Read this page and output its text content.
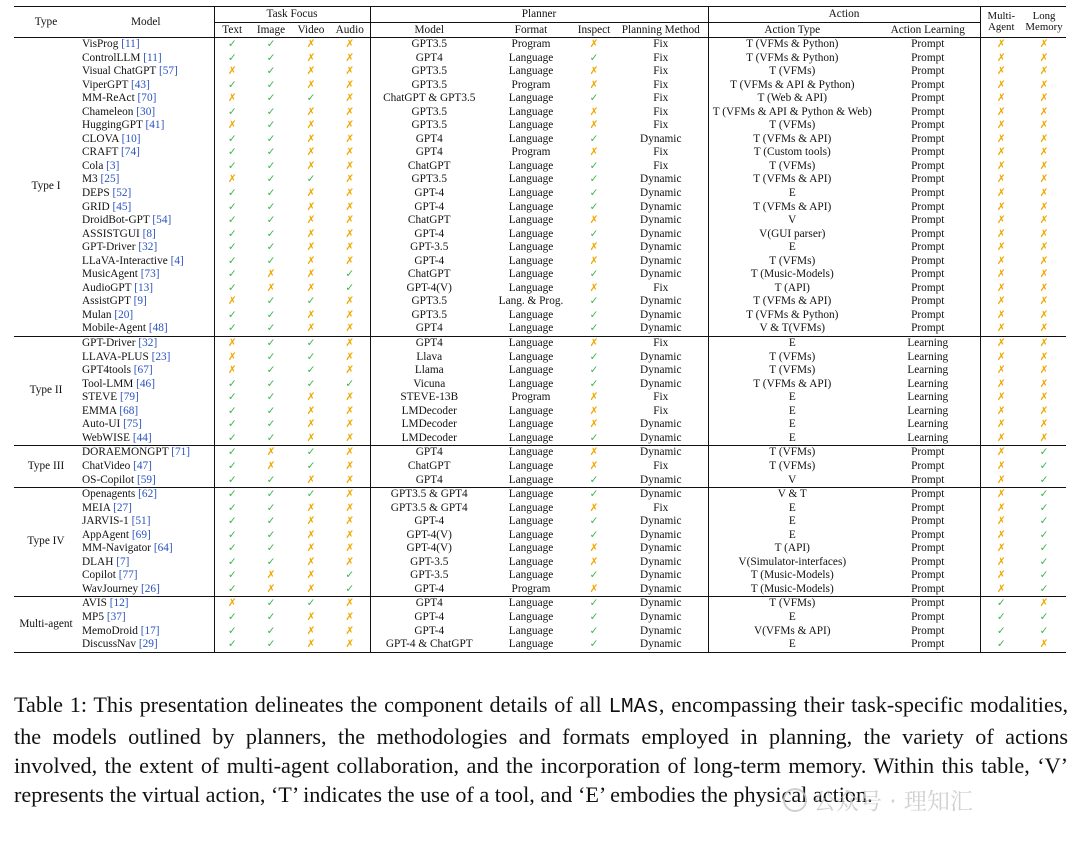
Type	Model	Task Focus				Planner				Action		Multi-
Agent	Long
Memory
		Text	Image	Video	Audio	Model	Format	Inspect	Planning Method	Action Type	Action Learning		
Type I	VisProg [11]	✓	✓	✗	✗	GPT3.5	Program	✗	Fix	T (VFMs & Python)	Prompt	✗	✗
	ControlLLM [11]	✓	✓	✗	✗	GPT4	Language	✓	Fix	T (VFMs & Python)	Prompt	✗	✗
	Visual ChatGPT [57]	✗	✓	✗	✗	GPT3.5	Language	✗	Fix	T (VFMs)	Prompt	✗	✗
	ViperGPT [43]	✓	✓	✗	✗	GPT3.5	Program	✗	Fix	T (VFMs & API & Python)	Prompt	✗	✗
	MM-ReAct [70]	✗	✓	✓	✗	ChatGPT & GPT3.5	Language	✓	Fix	T (Web & API)	Prompt	✗	✗
	Chameleon [30]	✓	✓	✗	✗	GPT3.5	Language	✗	Fix	T (VFMs & API & Python & Web)	Prompt	✗	✗
	HuggingGPT [41]	✗	✓	✗	✗	GPT3.5	Language	✗	Fix	T (VFMs)	Prompt	✗	✗
	CLOVA [10]	✓	✓	✗	✗	GPT4	Language	✓	Dynamic	T (VFMs & API)	Prompt	✗	✗
	CRAFT [74]	✓	✓	✗	✗	GPT4	Program	✗	Fix	T (Custom tools)	Prompt	✗	✗
	Cola [3]	✓	✓	✗	✗	ChatGPT	Language	✓	Fix	T (VFMs)	Prompt	✗	✗
	M3 [25]	✗	✓	✓	✗	GPT3.5	Language	✓	Dynamic	T (VFMs & API)	Prompt	✗	✗
	DEPS [52]	✓	✓	✗	✗	GPT-4	Language	✓	Dynamic	E	Prompt	✗	✗
	GRID [45]	✓	✓	✗	✗	GPT-4	Language	✓	Dynamic	T (VFMs & API)	Prompt	✗	✗
	DroidBot-GPT [54]	✓	✓	✗	✗	ChatGPT	Language	✗	Dynamic	V	Prompt	✗	✗
	ASSISTGUI [8]	✓	✓	✗	✗	GPT-4	Language	✓	Dynamic	V(GUI parser)	Prompt	✗	✗
	GPT-Driver [32]	✓	✓	✗	✗	GPT-3.5	Language	✗	Dynamic	E	Prompt	✗	✗
	LLaVA-Interactive [4]	✓	✓	✗	✗	GPT-4	Language	✗	Dynamic	T (VFMs)	Prompt	✗	✗
	MusicAgent [73]	✓	✗	✗	✓	ChatGPT	Language	✓	Dynamic	T (Music-Models)	Prompt	✗	✗
	AudioGPT [13]	✓	✗	✗	✓	GPT-4(V)	Language	✗	Fix	T (API)	Prompt	✗	✗
	AssistGPT [9]	✗	✓	✓	✗	GPT3.5	Lang. & Prog.	✓	Dynamic	T (VFMs & API)	Prompt	✗	✗
	Mulan [20]	✓	✓	✗	✗	GPT3.5	Language	✓	Dynamic	T (VFMs & Python)	Prompt	✗	✗
	Mobile-Agent [48]	✓	✓	✗	✗	GPT4	Language	✓	Dynamic	V & T(VFMs)	Prompt	✗	✗
Type II	GPT-Driver [32]	✗	✓	✓	✗	GPT4	Language	✗	Fix	E	Learning	✗	✗
	LLAVA-PLUS [23]	✗	✓	✓	✗	Llava	Language	✓	Dynamic	T (VFMs)	Learning	✗	✗
	GPT4tools [67]	✗	✓	✓	✗	Llama	Language	✓	Dynamic	T (VFMs)	Learning	✗	✗
	Tool-LMM [46]	✓	✓	✓	✓	Vicuna	Language	✓	Dynamic	T (VFMs & API)	Learning	✗	✗
	STEVE [79]	✓	✓	✗	✗	STEVE-13B	Program	✗	Fix	E	Learning	✗	✗
	EMMA [68]	✓	✓	✗	✗	LMDecoder	Language	✗	Fix	E	Learning	✗	✗
	Auto-UI [75]	✓	✓	✗	✗	LMDecoder	Language	✗	Dynamic	E	Learning	✗	✗
	WebWISE [44]	✓	✓	✗	✗	LMDecoder	Language	✓	Dynamic	E	Learning	✗	✗
Type III	DORAEMONGPT [71]	✓	✗	✓	✗	GPT4	Language	✗	Dynamic	T (VFMs)	Prompt	✗	✓
	ChatVideo [47]	✓	✗	✓	✗	ChatGPT	Language	✗	Fix	T (VFMs)	Prompt	✗	✓
	OS-Copilot [59]	✓	✓	✗	✗	GPT4	Language	✓	Dynamic	V	Prompt	✗	✓
Type IV	Openagents [62]	✓	✓	✓	✗	GPT3.5 & GPT4	Language	✓	Dynamic	V & T	Prompt	✗	✓
	MEIA [27]	✓	✓	✗	✗	GPT3.5 & GPT4	Language	✗	Fix	E	Prompt	✗	✓
	JARVIS-1 [51]	✓	✓	✗	✗	GPT-4	Language	✓	Dynamic	E	Prompt	✗	✓
	AppAgent [69]	✓	✓	✗	✗	GPT-4(V)	Language	✓	Dynamic	E	Prompt	✗	✓
	MM-Navigator [64]	✓	✓	✗	✗	GPT-4(V)	Language	✗	Dynamic	T (API)	Prompt	✗	✓
	DLAH [7]	✓	✓	✗	✗	GPT-3.5	Language	✗	Dynamic	V(Simulator-interfaces)	Prompt	✗	✓
	Copilot [77]	✓	✗	✗	✓	GPT-3.5	Language	✓	Dynamic	T (Music-Models)	Prompt	✗	✓
	WavJourney [26]	✓	✗	✗	✓	GPT-4	Program	✗	Dynamic	T (Music-Models)	Prompt	✗	✓
Multi-agent	AVIS [12]	✗	✓	✓	✗	GPT4	Language	✓	Dynamic	T (VFMs)	Prompt	✓	✗
	MP5 [37]	✓	✓	✗	✗	GPT-4	Language	✓	Dynamic	E	Prompt	✓	✓
	MemoDroid [17]	✓	✓	✗	✗	GPT-4	Language	✓	Dynamic	V(VFMs & API)	Prompt	✓	✓
	DiscussNav [29]	✓	✓	✗	✗	GPT-4 & ChatGPT	Language	✓	Dynamic	E	Prompt	✓	✗
Table 1: This presentation delineates the component details of all LMAs, encompassing their task-specific modalities, the models outlined by planners, the methodologies and formats employed in planning, the variety of actions involved, the extent of multi-agent collaboration, and the incorporation of long-term memory. Within this table, ‘V’ represents the virtual action, ‘T’ indicates the use of a tool, and ‘E’ embodies the physical action.
公众号 · 理知汇
